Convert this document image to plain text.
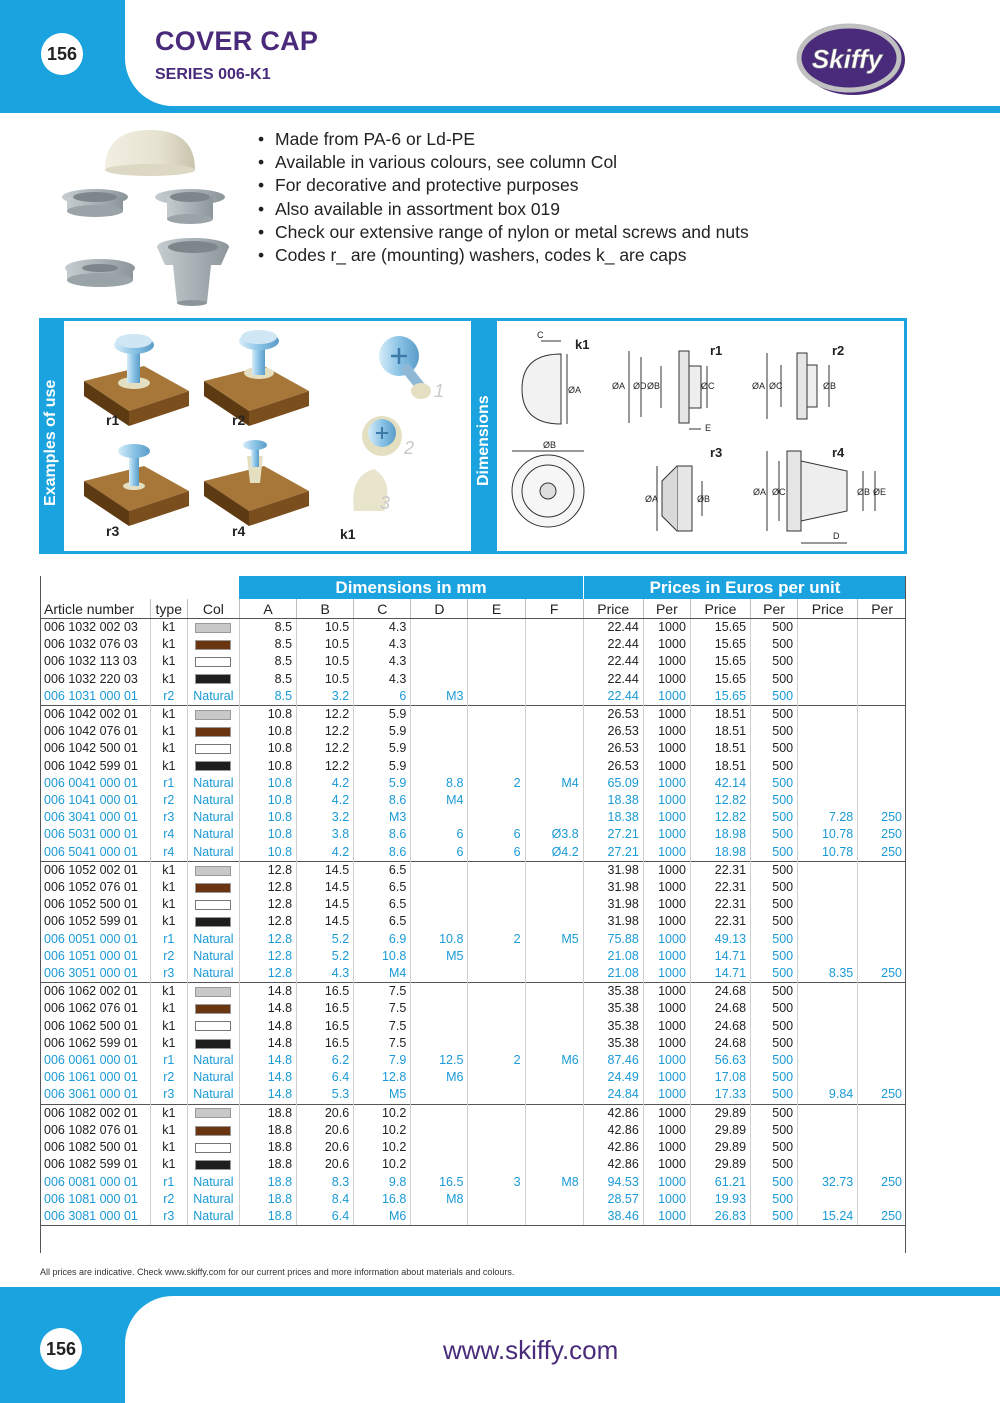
156	COVER CAP
SERIES 006-K1
Skiffy
• Made from PA-6 or Ld-PE
• Available in various colours, see column Col
• For decorative and protective purposes
• Also available in assortment box 019
• Check our extensive range of nylon or metal screws and nuts
• Codes r_ are (mounting) washers, codes k_ are caps
Examples of use	r1	r2
r3	r4	k1
1
2
3
Dimensions
k1	r1	r2
r3	r4
C
ØA
ØB
ØA ØD ØB	ØC
E
ØA ØC	ØB
ØA	ØB
ØA ØC	ØB ØE
D
Dimensions in mm	Prices in Euros per unit
Article number	type	Col	A	B	C	D	E	F	Price	Per	Price	Per	Price	Per
006 1032 002 03	k1		8.5	10.5	4.3				22.44	1000	15.65	500		
006 1032 076 03	k1		8.5	10.5	4.3				22.44	1000	15.65	500		
006 1032 113 03	k1		8.5	10.5	4.3				22.44	1000	15.65	500		
006 1032 220 03	k1		8.5	10.5	4.3				22.44	1000	15.65	500		
006 1031 000 01	r2	Natural	8.5	3.2	6	M3			22.44	1000	15.65	500		
006 1042 002 01	k1		10.8	12.2	5.9				26.53	1000	18.51	500		
006 1042 076 01	k1		10.8	12.2	5.9				26.53	1000	18.51	500		
006 1042 500 01	k1		10.8	12.2	5.9				26.53	1000	18.51	500		
006 1042 599 01	k1		10.8	12.2	5.9				26.53	1000	18.51	500		
006 0041 000 01	r1	Natural	10.8	4.2	5.9	8.8	2	M4	65.09	1000	42.14	500		
006 1041 000 01	r2	Natural	10.8	4.2	8.6	M4			18.38	1000	12.82	500		
006 3041 000 01	r3	Natural	10.8	3.2	M3				18.38	1000	12.82	500	7.28	250
006 5031 000 01	r4	Natural	10.8	3.8	8.6	6	6	Ø3.8	27.21	1000	18.98	500	10.78	250
006 5041 000 01	r4	Natural	10.8	4.2	8.6	6	6	Ø4.2	27.21	1000	18.98	500	10.78	250
006 1052 002 01	k1		12.8	14.5	6.5				31.98	1000	22.31	500		
006 1052 076 01	k1		12.8	14.5	6.5				31.98	1000	22.31	500		
006 1052 500 01	k1		12.8	14.5	6.5				31.98	1000	22.31	500		
006 1052 599 01	k1		12.8	14.5	6.5				31.98	1000	22.31	500		
006 0051 000 01	r1	Natural	12.8	5.2	6.9	10.8	2	M5	75.88	1000	49.13	500		
006 1051 000 01	r2	Natural	12.8	5.2	10.8	M5			21.08	1000	14.71	500		
006 3051 000 01	r3	Natural	12.8	4.3	M4				21.08	1000	14.71	500	8.35	250
006 1062 002 01	k1		14.8	16.5	7.5				35.38	1000	24.68	500		
006 1062 076 01	k1		14.8	16.5	7.5				35.38	1000	24.68	500		
006 1062 500 01	k1		14.8	16.5	7.5				35.38	1000	24.68	500		
006 1062 599 01	k1		14.8	16.5	7.5				35.38	1000	24.68	500		
006 0061 000 01	r1	Natural	14.8	6.2	7.9	12.5	2	M6	87.46	1000	56.63	500		
006 1061 000 01	r2	Natural	14.8	6.4	12.8	M6			24.49	1000	17.08	500		
006 3061 000 01	r3	Natural	14.8	5.3	M5				24.84	1000	17.33	500	9.84	250
006 1082 002 01	k1		18.8	20.6	10.2				42.86	1000	29.89	500		
006 1082 076 01	k1		18.8	20.6	10.2				42.86	1000	29.89	500		
006 1082 500 01	k1		18.8	20.6	10.2				42.86	1000	29.89	500		
006 1082 599 01	k1		18.8	20.6	10.2				42.86	1000	29.89	500		
006 0081 000 01	r1	Natural	18.8	8.3	9.8	16.5	3	M8	94.53	1000	61.21	500	32.73	250
006 1081 000 01	r2	Natural	18.8	8.4	16.8	M8			28.57	1000	19.93	500		
006 3081 000 01	r3	Natural	18.8	6.4	M6				38.46	1000	26.83	500	15.24	250
All prices are indicative. Check www.skiffy.com for our current prices and more information about materials and colours.
156	www.skiffy.com
